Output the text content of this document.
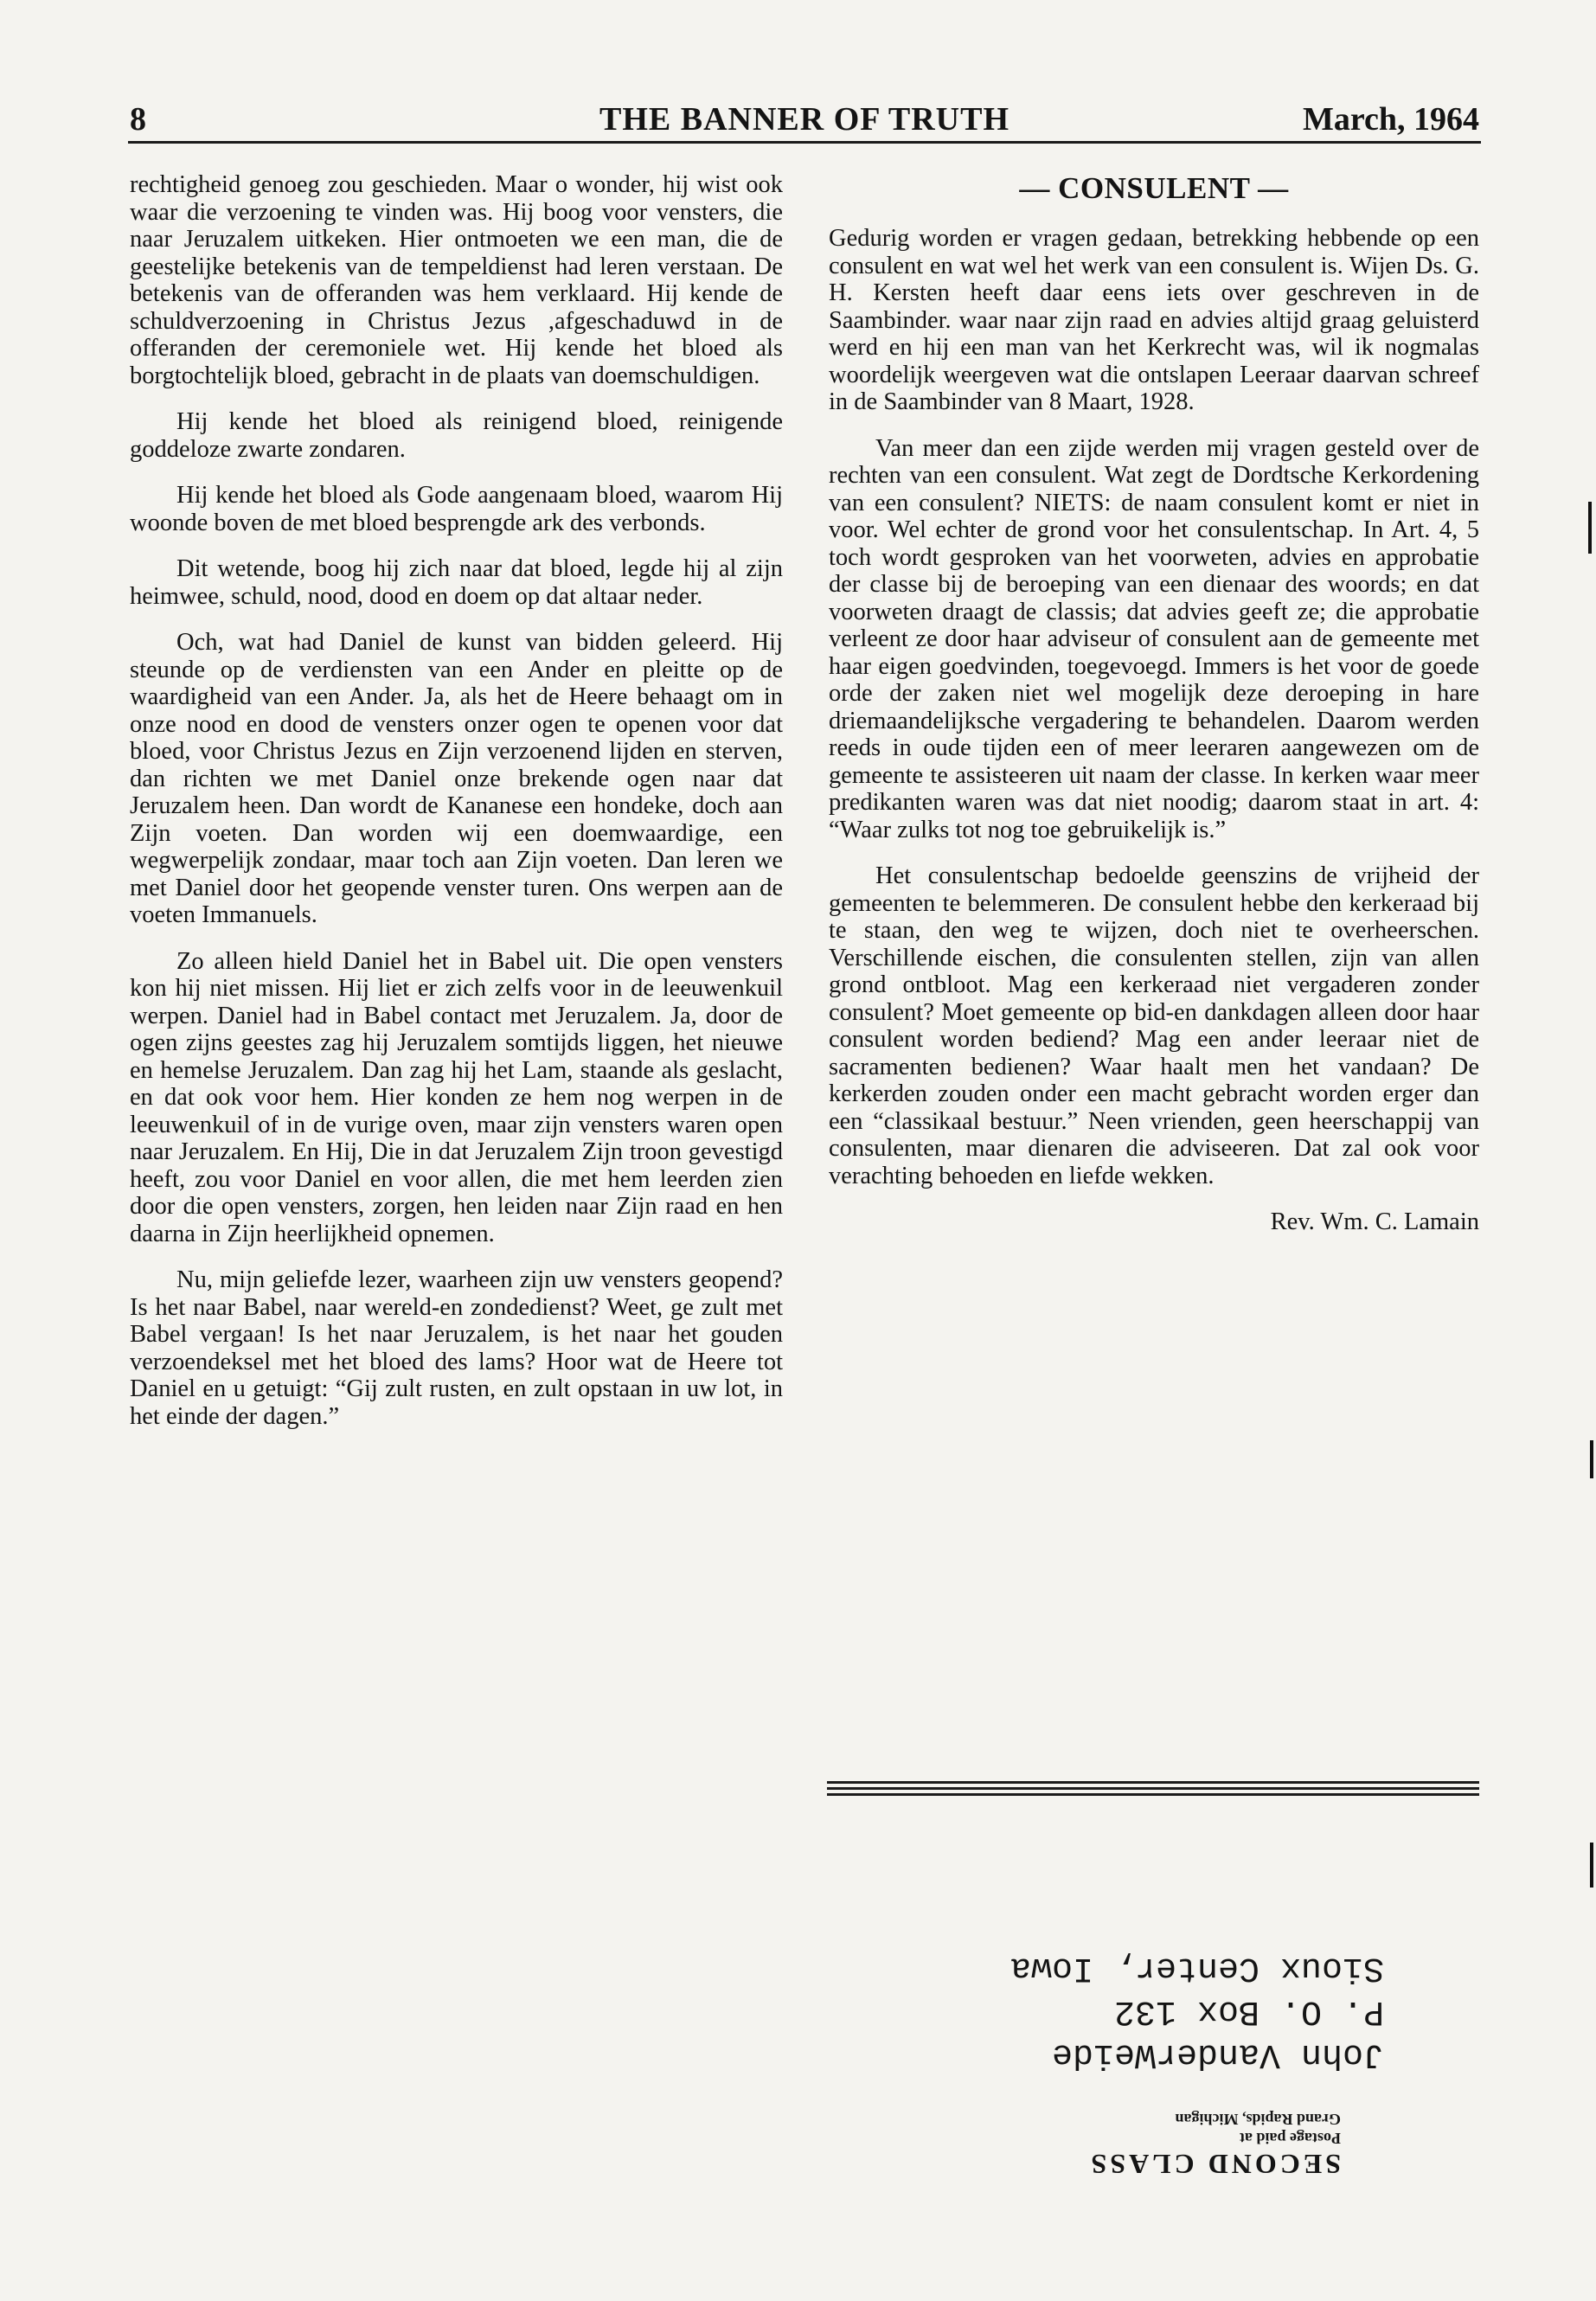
THE BANNER OF TRUTH
8	March, 1964

rechtigheid genoeg zou geschieden. Maar o wonder, hij wist ook waar die verzoening te vinden was. Hij boog voor vensters, die naar Jeruzalem uitkeken. Hier ontmoeten we een man, die de geestelijke betekenis van de tempeldienst had leren verstaan. De betekenis van de offeranden was hem verklaard. Hij kende de schuldverzoening in Christus Jezus ,afgeschaduwd in de offeranden der ceremoniele wet. Hij kende het bloed als borgtochtelijk bloed, gebracht in de plaats van doemschuldigen.

Hij kende het bloed als reinigend bloed, reinigende goddeloze zwarte zondaren.

Hij kende het bloed als Gode aangenaam bloed, waarom Hij woonde boven de met bloed besprengde ark des verbonds.

Dit wetende, boog hij zich naar dat bloed, legde hij al zijn heimwee, schuld, nood, dood en doem op dat altaar neder.

Och, wat had Daniel de kunst van bidden geleerd. Hij steunde op de verdiensten van een Ander en pleitte op de waardigheid van een Ander. Ja, als het de Heere behaagt om in onze nood en dood de vensters onzer ogen te openen voor dat bloed, voor Christus Jezus en Zijn verzoenend lijden en sterven, dan richten we met Daniel onze brekende ogen naar dat Jeruzalem heen. Dan wordt de Kananese een hondeke, doch aan Zijn voeten. Dan worden wij een doemwaardige, een wegwerpelijk zondaar, maar toch aan Zijn voeten. Dan leren we met Daniel door het geopende venster turen. Ons werpen aan de voeten Immanuels.

Zo alleen hield Daniel het in Babel uit. Die open vensters kon hij niet missen. Hij liet er zich zelfs voor in de leeuwenkuil werpen. Daniel had in Babel contact met Jeruzalem. Ja, door de ogen zijns geestes zag hij Jeruzalem somtijds liggen, het nieuwe en hemelse Jeruzalem. Dan zag hij het Lam, staande als geslacht, en dat ook voor hem. Hier konden ze hem nog werpen in de leeuwenkuil of in de vurige oven, maar zijn vensters waren open naar Jeruzalem. En Hij, Die in dat Jeruzalem Zijn troon gevestigd heeft, zou voor Daniel en voor allen, die met hem leerden zien door die open vensters, zorgen, hen leiden naar Zijn raad en hen daarna in Zijn heerlijkheid opnemen.

Nu, mijn geliefde lezer, waarheen zijn uw vensters geopend? Is het naar Babel, naar wereld-en zondedienst? Weet, ge zult met Babel vergaan! Is het naar Jeruzalem, is het naar het gouden verzoendeksel met het bloed des lams? Hoor wat de Heere tot Daniel en u getuigt: “Gij zult rusten, en zult opstaan in uw lot, in het einde der dagen.”

— CONSULENT —

Gedurig worden er vragen gedaan, betrekking hebbende op een consulent en wat wel het werk van een consulent is. Wijen Ds. G. H. Kersten heeft daar eens iets over geschreven in de Saambinder. waar naar zijn raad en advies altijd graag geluisterd werd en hij een man van het Kerkrecht was, wil ik nogmalas woordelijk weergeven wat die ontslapen Leeraar daarvan schreef in de Saambinder van 8 Maart, 1928.

Van meer dan een zijde werden mij vragen gesteld over de rechten van een consulent. Wat zegt de Dordtsche Kerkordening van een consulent? NIETS: de naam consulent komt er niet in voor. Wel echter de grond voor het consulentschap. In Art. 4, 5 toch wordt gesproken van het voorweten, advies en approbatie der classe bij de beroeping van een dienaar des woords; en dat voorweten draagt de classis; dat advies geeft ze; die approbatie verleent ze door haar adviseur of consulent aan de gemeente met haar eigen goedvinden, toegevoegd. Immers is het voor de goede orde der zaken niet wel mogelijk deze deroeping in hare driemaandelijksche vergadering te behandelen. Daarom werden reeds in oude tijden een of meer leeraren aangewezen om de gemeente te assisteeren uit naam der classe. In kerken waar meer predikanten waren was dat niet noodig; daarom staat in art. 4: “Waar zulks tot nog toe gebruikelijk is.”

Het consulentschap bedoelde geenszins de vrijheid der gemeenten te belemmeren. De consulent hebbe den kerkeraad bij te staan, den weg te wijzen, doch niet te overheerschen. Verschillende eischen, die consulenten stellen, zijn van allen grond ontbloot. Mag een kerkeraad niet vergaderen zonder consulent? Moet gemeente op bid-en dankdagen alleen door haar consulent worden bediend? Mag een ander leeraar niet de sacramenten bedienen? Waar haalt men het vandaan? De kerkerden zouden onder een macht gebracht worden erger dan een “classikaal bestuur.” Neen vrienden, geen heerschappij van consulenten, maar dienaren die adviseeren. Dat zal ook voor verachting behoeden en liefde wekken.

Rev. Wm. C. Lamain
SECOND CLASS
Postage paid at
Grand Rapids, Michigan
John VanderWeide
P. O. Box 132
Sioux Center, Iowa
